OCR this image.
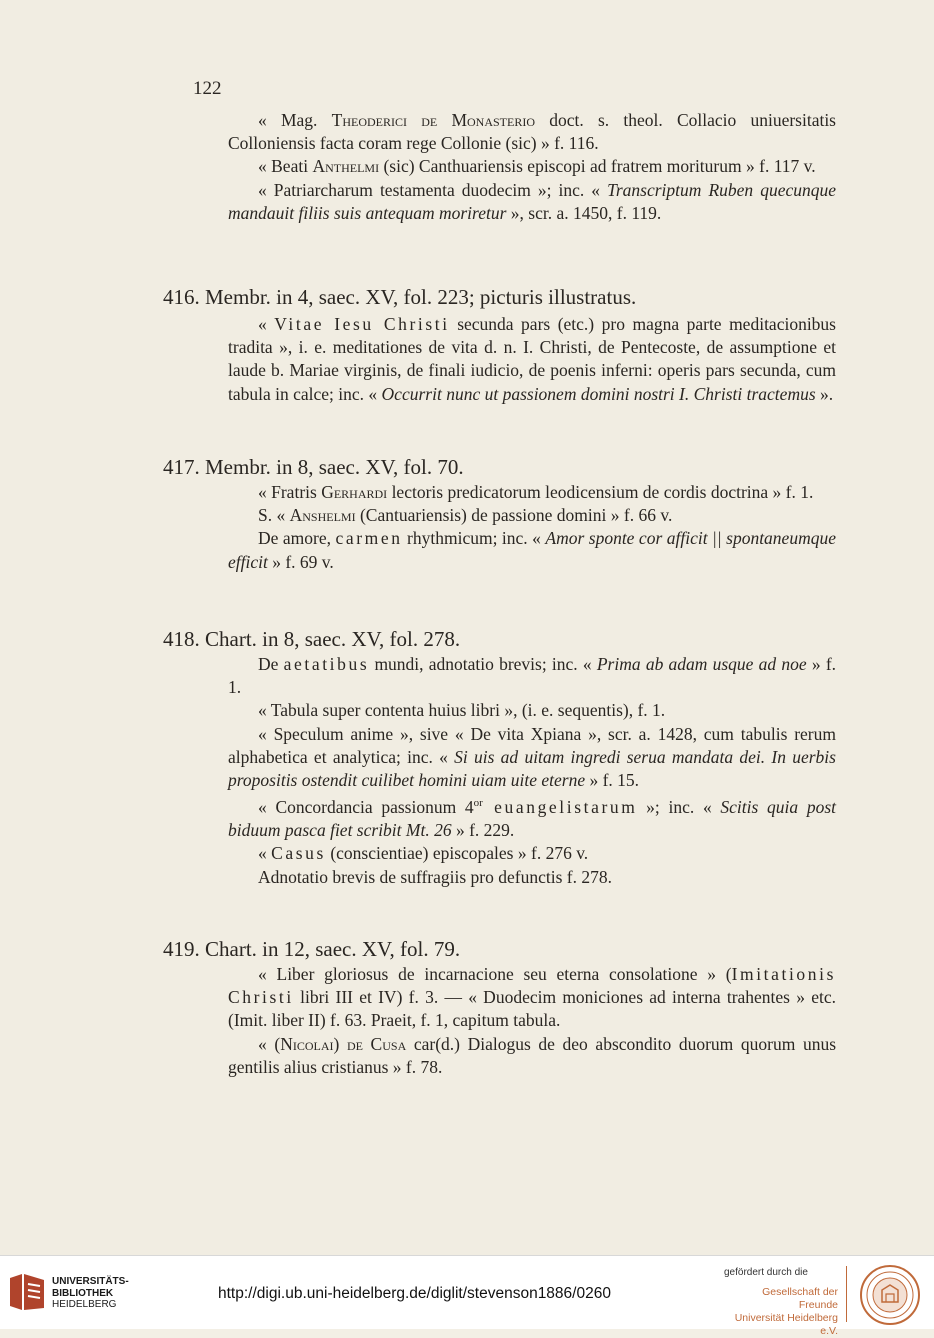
122

« Mag. Theoderici de Monasterio doct. s. theol. Collacio uniuersitatis Colloniensis facta coram rege Collonie (sic) » f. 116.

« Beati Anthelmi (sic) Canthuariensis episcopi ad fratrem moriturum » f. 117 v.

« Patriarcharum testamenta duodecim »; inc. « Transcriptum Ruben quecunque mandauit filiis suis antequam moriretur », scr. a. 1450, f. 119.

416. Membr. in 4, saec. XV, fol. 223; picturis illustratus.

« Vitae Iesu Christi secunda pars (etc.) pro magna parte meditacionibus tradita », i. e. meditationes de vita d. n. I. Christi, de Pentecoste, de assumptione et laude b. Mariae virginis, de finali iudicio, de poenis inferni: operis pars secunda, cum tabula in calce; inc. « Occurrit nunc ut passionem domini nostri I. Christi tractemus ».

417. Membr. in 8, saec. XV, fol. 70.

« Fratris Gerhardi lectoris predicatorum leodicensium de cordis doctrina » f. 1.

S. « Anshelmi (Cantuariensis) de passione domini » f. 66 v.

De amore, carmen rhythmicum; inc. « Amor sponte cor afficit || spontaneumque efficit » f. 69 v.

418. Chart. in 8, saec. XV, fol. 278.

De aetatibus mundi, adnotatio brevis; inc. « Prima ab adam usque ad noe » f. 1.

« Tabula super contenta huius libri », (i. e. sequentis), f. 1.

« Speculum anime », sive « De vita Xpiana », scr. a. 1428, cum tabulis rerum alphabetica et analytica; inc. « Si uis ad uitam ingredi serua mandata dei. In uerbis propositis ostendit cuilibet homini uiam uite eterne » f. 15.

« Concordancia passionum $4^{or}$ euangelistarum »; inc. « Scitis quia post biduum pasca fiet scribit Mt. 26 » f. 229.

« Casus (conscientiae) episcopales » f. 276 v.

Adnotatio brevis de suffragiis pro defunctis f. 278.

419. Chart. in 12, saec. XV, fol. 79.

« Liber gloriosus de incarnacione seu eterna consolatione » (Imitationis Christi libri III et IV) f. 3. — « Duodecim moniciones ad interna trahentes » etc. (Imit. liber II) f. 63. Praeit, f. 1, capitum tabula.

« (Nicolai) de Cusa car(d.) Dialogus de deo abscondito duorum quorum unus gentilis alius cristianus » f. 78.

UNIVERSITÄTS-
BIBLIOTHEK
HEIDELBERG
http://digi.ub.uni-heidelberg.de/diglit/stevenson1886/0260
gefördert durch die
Gesellschaft der Freunde
Universität Heidelberg e.V.
